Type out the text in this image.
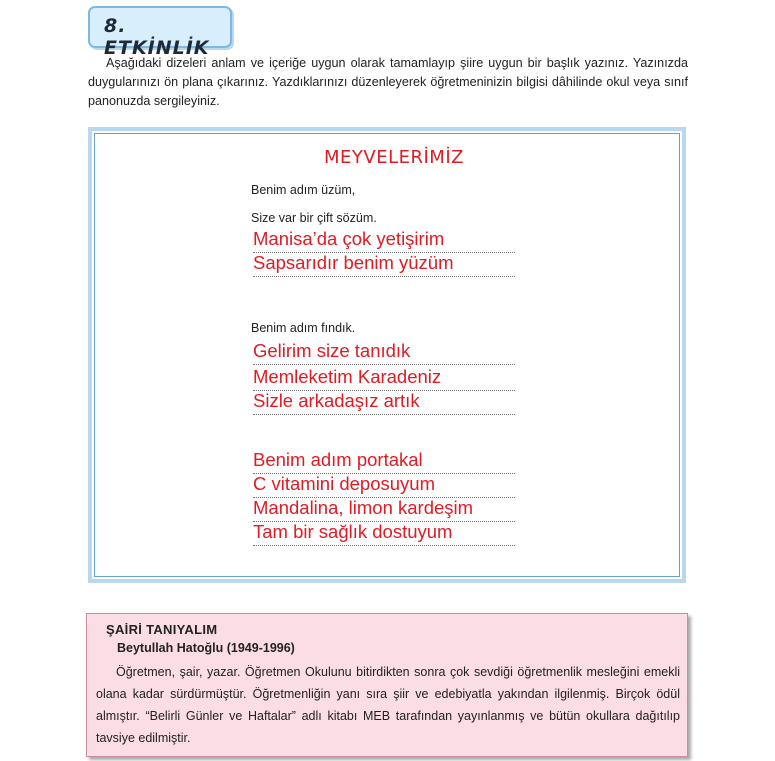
8. ETKİNLİK
Aşağıdaki dizeleri anlam ve içeriğe uygun olarak tamamlayıp şiire uygun bir başlık yazınız. Yazınızda duygularınızı ön plana çıkarınız. Yazdıklarınızı düzenleyerek öğretmeninizin bilgisi dâhilinde okul veya sınıf panonuzda sergileyiniz.
MEYVELERİMİZ
Benim adım üzüm,
Size var bir çift sözüm.
Manisa’da çok yetişirim
Sapsarıdır benim yüzüm
Benim adım fındık.
Gelirim size tanıdık
Memleketim Karadeniz
Sizle arkadaşız artık
Benim adım portakal
C vitamini deposuyum
Mandalina, limon kardeşim
Tam bir sağlık dostuyum
ŞAİRİ TANIYALIM
Beytullah Hatoğlu (1949-1996)
Öğretmen, şair, yazar. Öğretmen Okulunu bitirdikten sonra çok sevdiği öğretmenlik mesleğini emekli olana kadar sürdürmüştür. Öğretmenliğin yanı sıra şiir ve edebiyatla yakından ilgilenmiş. Birçok ödül almıştır. “Belirli Günler ve Haftalar” adlı kitabı MEB tarafından yayınlanmış ve bütün okullara dağıtılıp tavsiye edilmiştir.
